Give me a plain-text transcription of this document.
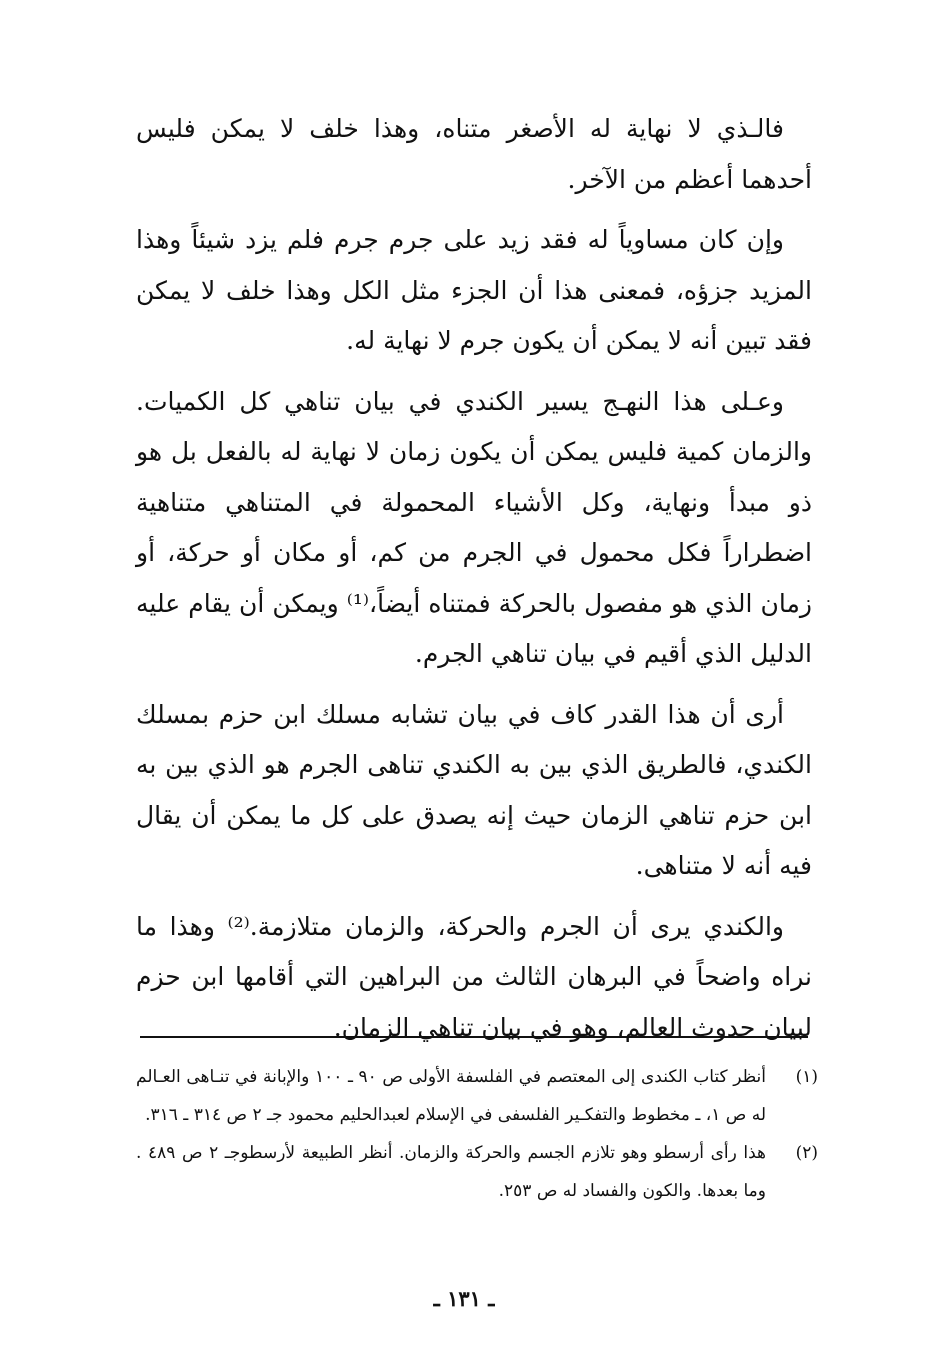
فالـذي لا نهاية له الأصغر متناه، وهذا خلف لا يمكن فليس أحدهما أعظم من الآخر.

وإن كان مساوياً له فقد زيد على جرم جرم فلم يزد شيئاً وهذا المزيد جزؤه، فمعنى هذا أن الجزء مثل الكل وهذا خلف لا يمكن فقد تبين أنه لا يمكن أن يكون جرم لا نهاية له.

وعـلى هذا النهـج يسير الكندي في بيان تناهي كل الكميات. والزمان كمية فليس يمكن أن يكون زمان لا نهاية له بالفعل بل هو ذو مبدأ ونهاية، وكل الأشياء المحمولة في المتناهي متناهية اضطراراً فكل محمول في الجرم من كم، أو مكان أو حركة، أو زمان الذي هو مفصول بالحركة فمتناه أيضاً،⁽¹⁾ ويمكن أن يقام عليه الدليل الذي أقيم في بيان تناهي الجرم.

أرى أن هذا القدر كاف في بيان تشابه مسلك ابن حزم بمسلك الكندي، فالطريق الذي بين به الكندي تناهى الجرم هو الذي بين به ابن حزم تناهي الزمان حيث إنه يصدق على كل ما يمكن أن يقال فيه أنه لا متناهى.

والكندي يرى أن الجرم والحركة، والزمان متلازمة.⁽²⁾ وهذا ما نراه واضحاً في البرهان الثالث من البراهين التي أقامها ابن حزم لبيان حدوث العالم، وهو في بيان تناهي الزمان.

(١)
أنظر كتاب الكندى إلى المعتصم في الفلسفة الأولى ص ٩٠ ـ ١٠٠ والإبانة في تنـاهى العـالم له ص ١، ـ مخطوط والتفكـير الفلسفى في الإسلام لعبدالحليم محمود جـ ٢ ص ٣١٤ ـ ٣١٦.
(٢)
هذا رأى أرسطو وهو تلازم الجسم والحركة والزمان. أنظر الطبيعة لأرسطوجـ ٢ ص ٤٨٩ . وما بعدها. والكون والفساد له ص ٢٥٣.
ـ ١٣١ ـ
